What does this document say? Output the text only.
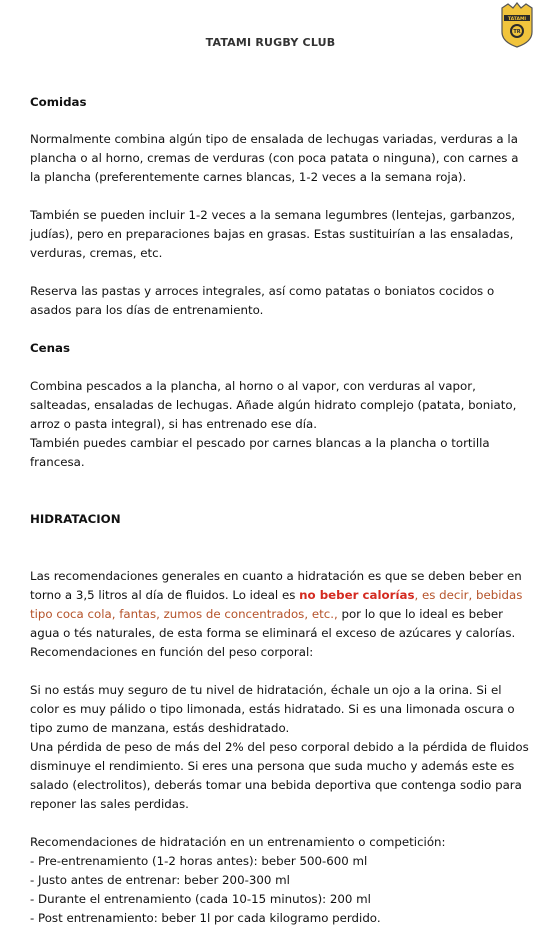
TATAMI RUGBY CLUB
TATAMI
TR

Comidas

Normalmente combina algún tipo de ensalada de lechugas variadas, verduras a la plancha o al horno, cremas de verduras (con poca patata o ninguna), con carnes a la plancha (preferentemente carnes blancas, 1-2 veces a la semana roja).

También se pueden incluir 1-2 veces a la semana legumbres (lentejas, garbanzos, judías), pero en preparaciones bajas en grasas. Estas sustituirían a las ensaladas, verduras, cremas, etc.

Reserva las pastas y arroces integrales, así como patatas o boniatos cocidos o asados para los días de entrenamiento.

Cenas

Combina pescados a la plancha, al horno o al vapor, con verduras al vapor, salteadas, ensaladas de lechugas. Añade algún hidrato complejo (patata, boniato, arroz o pasta integral), si has entrenado ese día.

También puedes cambiar el pescado por carnes blancas a la plancha o tortilla francesa.

HIDRATACION

Las recomendaciones generales en cuanto a hidratación es que se deben beber en torno a 3,5 litros al día de fluidos. Lo ideal es no beber calorías, es decir, bebidas tipo coca cola, fantas, zumos de concentrados, etc., por lo que lo ideal es beber agua o tés naturales, de esta forma se eliminará el exceso de azúcares y calorías.

Recomendaciones en función del peso corporal:

Si no estás muy seguro de tu nivel de hidratación, échale un ojo a la orina. Si el color es muy pálido o tipo limonada, estás hidratado. Si es una limonada oscura o tipo zumo de manzana, estás deshidratado.

Una pérdida de peso de más del 2% del peso corporal debido a la pérdida de fluidos disminuye el rendimiento. Si eres una persona que suda mucho y además este es salado (electrolitos), deberás tomar una bebida deportiva que contenga sodio para reponer las sales perdidas.

Recomendaciones de hidratación en un entrenamiento o competición:

- Pre-entrenamiento (1-2 horas antes): beber 500-600 ml
- Justo antes de entrenar: beber 200-300 ml
- Durante el entrenamiento (cada 10-15 minutos): 200 ml
- Post entrenamiento: beber 1l por cada kilogramo perdido.
